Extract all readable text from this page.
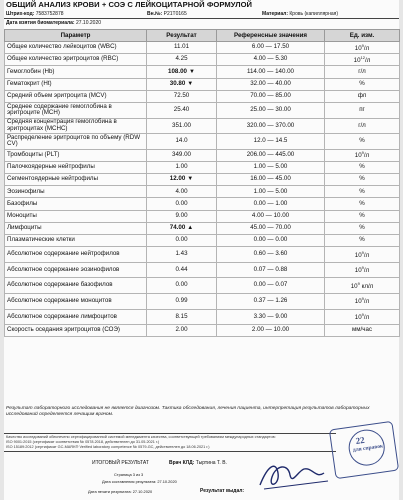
ОБЩИЙ АНАЛИЗ КРОВИ + СОЭ С ЛЕЙКОЦИТАРНОЙ ФОРМУЛОЙ
Штрих-код: 7583752878	Вн.№: P21T0165	Материал: Кровь (капиллярная)
Дата взятия биоматериала: 27.10.2020
Параметр	Результат	Референсные значения	Ед. изм.
Общее количество лейкоцитов (WBC)	11.01	6.00 — 17.50	$10^9/л$
Общее количество эритроцитов (RBC)	4.25	4.00 — 5.30	$10^{12}/л$
Гемоглобин (Hb)	108.00 ▼	114.00 — 140.00	г/л
Гематокрит (Ht)	30.80 ▼	32.00 — 40.00	%
Средний объем эритроцита (MCV)	72.50	70.00 — 85.00	фл
Среднее содержание гемоглобина в эритроците (MCH)	25.40	25.00 — 30.00	пг
Средняя концентрация гемоглобина в эритроцитах (MCHC)	351.00	320.00 — 370.00	г/л
Распределение эритроцитов по объему (RDW CV)	14.0	12.0 — 14.5	%
Тромбоциты (PLT)	349.00	206.00 — 445.00	$10^9/л$
Палочкоядерные нейтрофилы	1.00	1.00 — 5.00	%
Сегментоядерные нейтрофилы	12.00 ▼	16.00 — 45.00	%
Эозинофилы	4.00	1.00 — 5.00	%
Базофилы	0.00	0.00 — 1.00	%
Моноциты	9.00	4.00 — 10.00	%
Лимфоциты	74.00 ▲	45.00 — 70.00	%
Плазматические клетки	0.00	0.00 — 0.00	%
Абсолютное содержание нейтрофилов	1.43	0.60 — 3.60	$10^9/л$
Абсолютное содержание эозинофилов	0.44	0.07 — 0.88	$10^9/л$
Абсолютное содержание базофилов	0.00	0.00 — 0.07	$10^9$ кл/л
Абсолютное содержание моноцитов	0.99	0.37 — 1.26	$10^9/л$
Абсолютное содержание лимфоцитов	8.15	3.30 — 9.00	$10^9/л$
Скорость оседания эритроцитов (СОЭ)	2.00	2.00 — 10.00	мм/час
Результат лабораторного исследования не является диагнозом. Тактика обследования, лечения пациента, интерпретация результатов лабораторных исследований определяется лечащим врачом.
Качество исследований обеспечено сертифицированной системой менеджмента качества, соответствующей требованиям международных стандартов:
ISO 9001:2015 (сертификат соответствия № 0578.2018, действителен до 31.05.2021 г.)
ISO 15189:2012 (сертификат GC-MARK® Verified laboratory competence № 0579-GC, действителен до 18.06.2021 г.)
ИТОГОВЫЙ РЕЗУЛЬТАТ	Врач КЛД: Тыртина Т. В.
Страница 3 из 3
Дата составления результата: 27.10.2020
Дата печати результата: 27.10.2020	Результат выдал:
22
для справок
